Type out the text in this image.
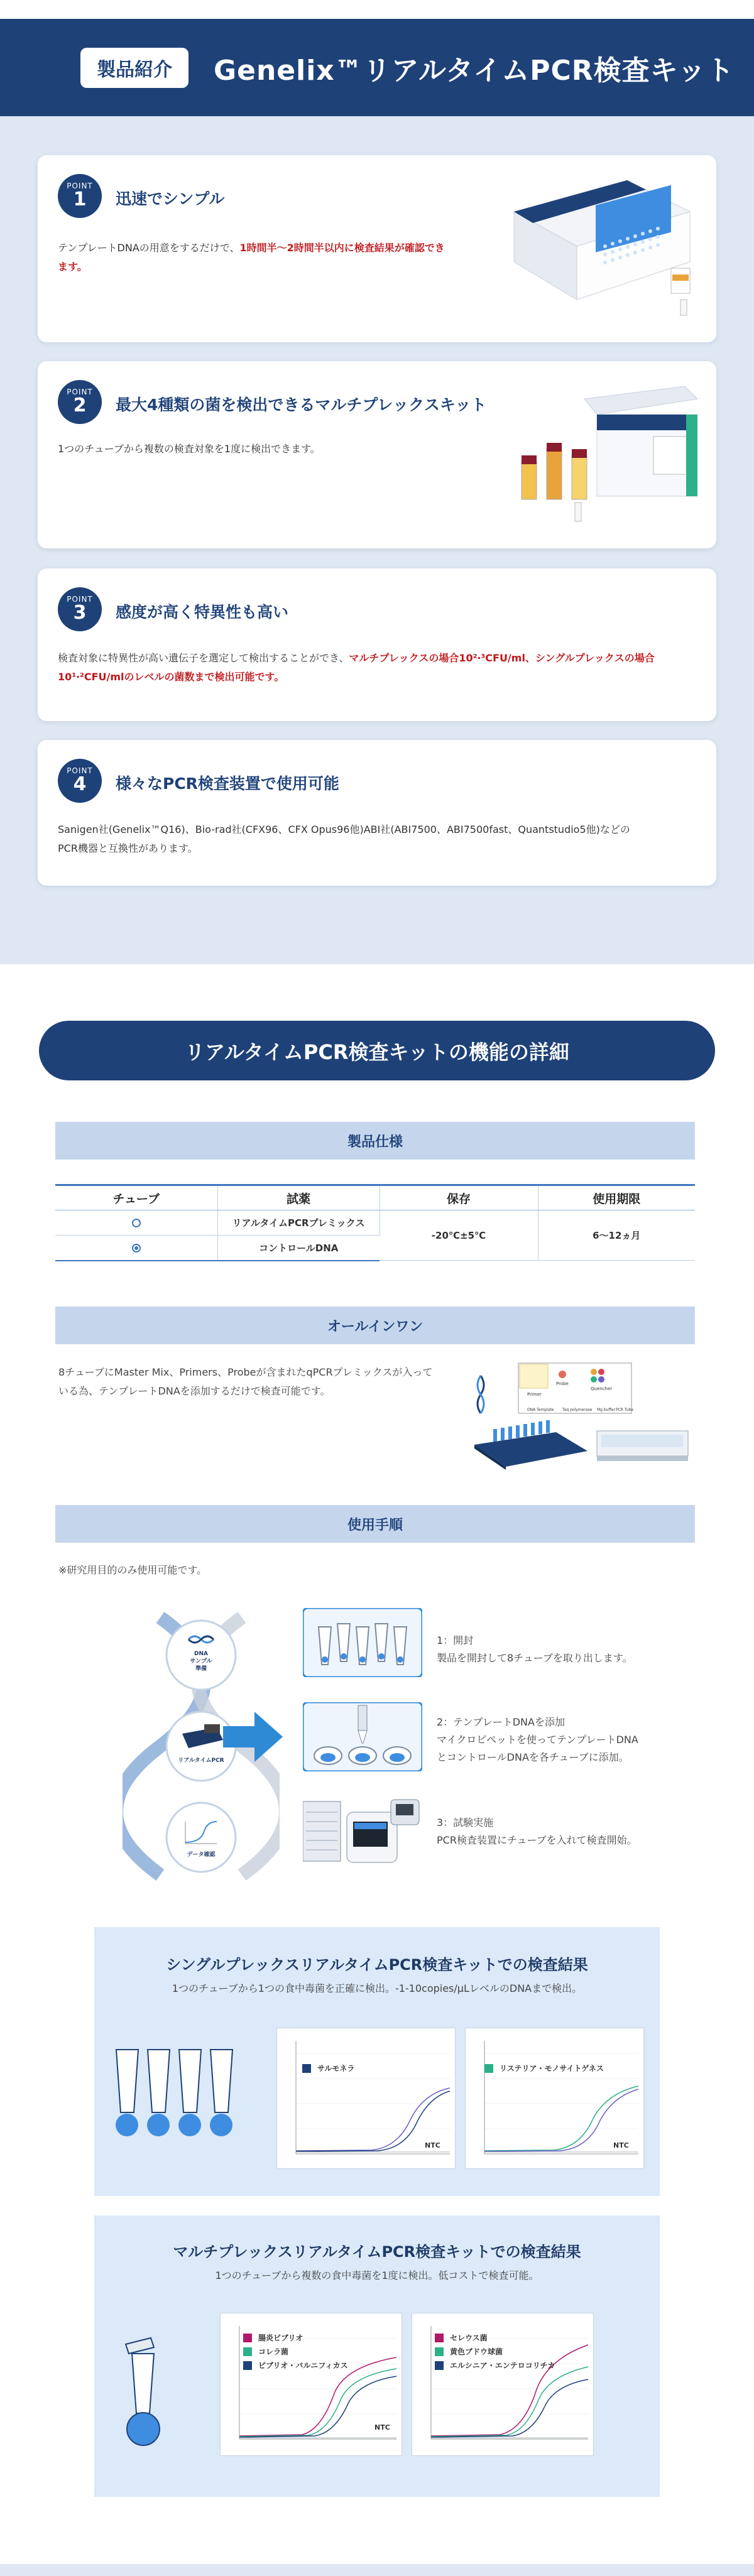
製品紹介	Genelix™リアルタイムPCR検査キット
POINT
1 迅速でシンプル
テンプレートDNAの用意をするだけで、1時間半〜2時間半以内に検査結果が確認できます。
POINT
2 最大4種類の菌を検出できるマルチプレックスキット
1つのチューブから複数の検査対象を1度に検出できます。
POINT
3 感度が高く特異性も高い
検査対象に特異性が高い遺伝子を選定して検出することができ、マルチプレックスの場合10²‧³CFU/ml、シングルプレックスの場合
10¹‧²CFU/mlのレベルの菌数まで検出可能です。
POINT
4 様々なPCR検査装置で使用可能
Sanigen社(Genelix™Q16)、Bio-rad社(CFX96、CFX Opus96他)ABI社(ABI7500、ABI7500fast、Quantstudio5他)などの
PCR機器と互換性があります。
リアルタイムPCR検査キットの機能の詳細
製品仕様
チューブ	試薬	保存	使用期限
	リアルタイムPCRプレミックス	-20℃±5℃	6〜12ヵ月
	コントロールDNA		
オールインワン
8チューブにMaster Mix、Primers、Probeが含まれたqPCRプレミックスが入って
いる為、テンプレートDNAを添加するだけで検査可能です。	Primer
Probe
Quencher
DNA Template Taq polymerase Mg buffer PCR Tube
使用手順
※研究用目的のみ使用可能です。
DNA
サンプル
準備
リアルタイムPCR
データ確認
1：開封
製品を開封して8チューブを取り出します。
2：テンプレートDNAを添加
マイクロピペットを使ってテンプレートDNA
とコントロールDNAを各チューブに添加。
3：試験実施
PCR検査装置にチューブを入れて検査開始。
シングルプレックスリアルタイムPCR検査キットでの検査結果
1つのチューブから1つの食中毒菌を正確に検出。-1-10copies/µLレベルのDNAまで検出。
サルモネラ
NTC
リステリア・モノサイトゲネス
NTC
マルチプレックスリアルタイムPCR検査キットでの検査結果
1つのチューブから複数の食中毒菌を1度に検出。低コストで検査可能。
腸炎ビブリオ
コレラ菌
ビブリオ・バルニフィカス
NTC
セレウス菌
黄色ブドウ球菌
エルシニア・エンテロコリチカ
